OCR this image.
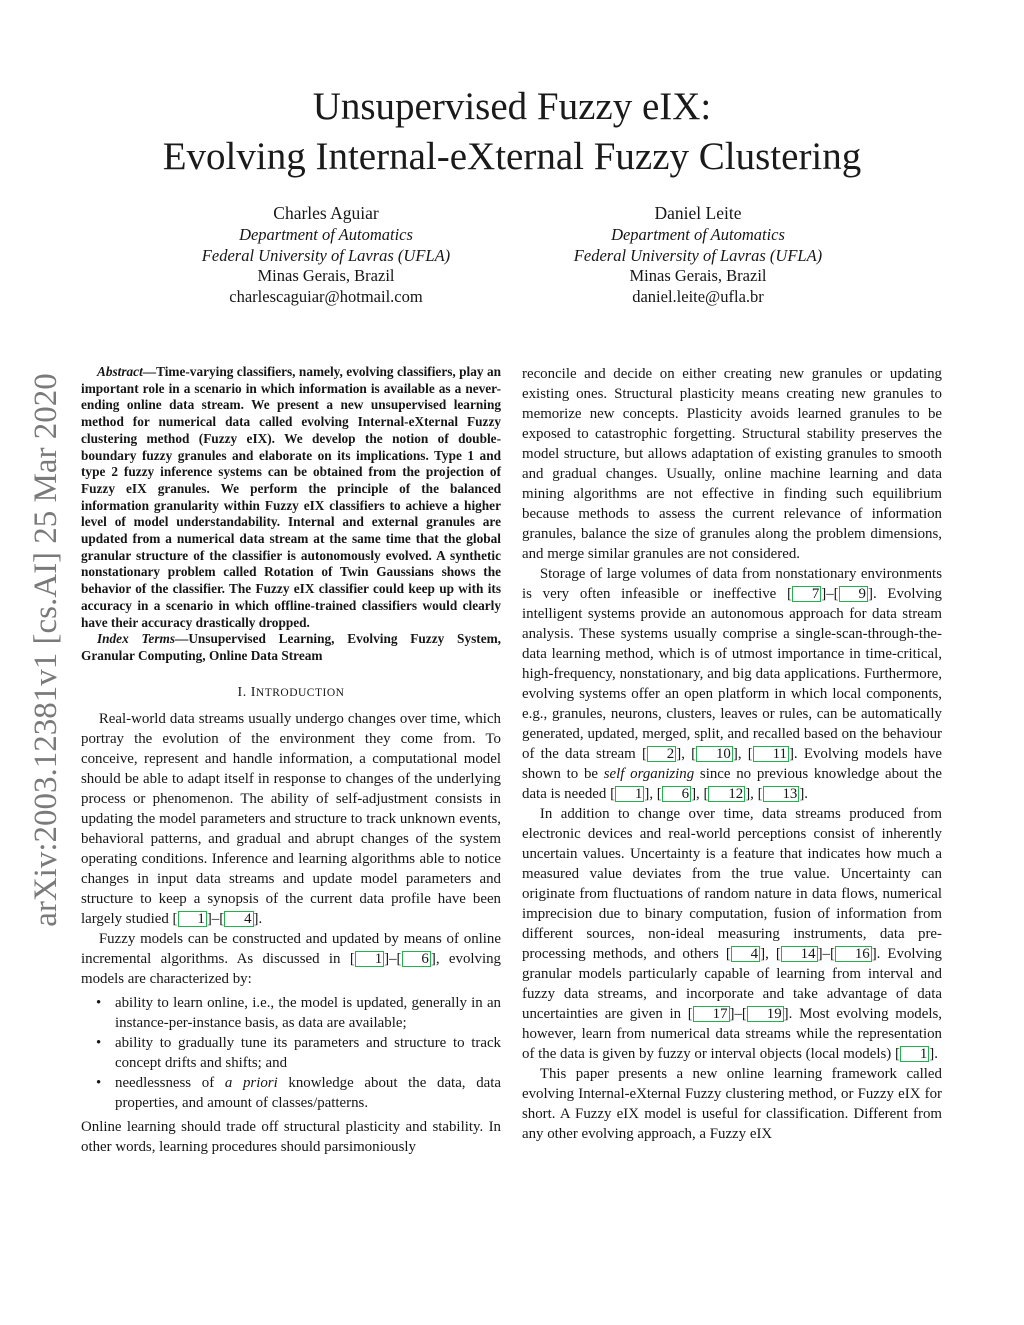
Unsupervised Fuzzy eIX:
Evolving Internal-eXternal Fuzzy Clustering
Charles Aguiar
Department of Automatics
Federal University of Lavras (UFLA)
Minas Gerais, Brazil
charlescaguiar@hotmail.com
Daniel Leite
Department of Automatics
Federal University of Lavras (UFLA)
Minas Gerais, Brazil
daniel.leite@ufla.br
arXiv:2003.12381v1 [cs.AI] 25 Mar 2020

Abstract—Time-varying classifiers, namely, evolving classifiers, play an important role in a scenario in which information is available as a never-ending online data stream. We present a new unsupervised learning method for numerical data called evolving Internal-eXternal Fuzzy clustering method (Fuzzy eIX). We develop the notion of double-boundary fuzzy granules and elaborate on its implications. Type 1 and type 2 fuzzy inference systems can be obtained from the projection of Fuzzy eIX granules. We perform the principle of the balanced information granularity within Fuzzy eIX classifiers to achieve a higher level of model understandability. Internal and external granules are updated from a numerical data stream at the same time that the global granular structure of the classifier is autonomously evolved. A synthetic nonstationary problem called Rotation of Twin Gaussians shows the behavior of the classifier. The Fuzzy eIX classifier could keep up with its accuracy in a scenario in which offline-trained classifiers would clearly have their accuracy drastically dropped.

Index Terms—Unsupervised Learning, Evolving Fuzzy System, Granular Computing, Online Data Stream

I. INTRODUCTION

Real-world data streams usually undergo changes over time, which portray the evolution of the environment they come from. To conceive, represent and handle information, a computational model should be able to adapt itself in response to changes of the underlying process or phenomenon. The ability of self-adjustment consists in updating the model parameters and structure to track unknown events, behavioral patterns, and gradual and abrupt changes of the system operating conditions. Inference and learning algorithms able to notice changes in input data streams and update model parameters and structure to keep a synopsis of the current data profile have been largely studied [ 1 ]–[ 4 ].

Fuzzy models can be constructed and updated by means of online incremental algorithms. As discussed in [ 1 ]–[ 6 ], evolving models are characterized by:

• ability to learn online, i.e., the model is updated, generally in an instance-per-instance basis, as data are available;
• ability to gradually tune its parameters and structure to track concept drifts and shifts; and
• needlessness of a priori knowledge about the data, data properties, and amount of classes/patterns.

Online learning should trade off structural plasticity and stability. In other words, learning procedures should parsimoniously

reconcile and decide on either creating new granules or updating existing ones. Structural plasticity means creating new granules to memorize new concepts. Plasticity avoids learned granules to be exposed to catastrophic forgetting. Structural stability preserves the model structure, but allows adaptation of existing granules to smooth and gradual changes. Usually, online machine learning and data mining algorithms are not effective in finding such equilibrium because methods to assess the current relevance of information granules, balance the size of granules along the problem dimensions, and merge similar granules are not considered.

Storage of large volumes of data from nonstationary environments is very often infeasible or ineffective [ 7 ]–[ 9 ]. Evolving intelligent systems provide an autonomous approach for data stream analysis. These systems usually comprise a single-scan-through-the-data learning method, which is of utmost importance in time-critical, high-frequency, nonstationary, and big data applications. Furthermore, evolving systems offer an open platform in which local components, e.g., granules, neurons, clusters, leaves or rules, can be automatically generated, updated, merged, split, and recalled based on the behaviour of the data stream [ 2 ], [ 10 ], [ 11 ]. Evolving models have shown to be self organizing since no previous knowledge about the data is needed [ 1 ], [ 6 ], [ 12 ], [ 13 ].

In addition to change over time, data streams produced from electronic devices and real-world perceptions consist of inherently uncertain values. Uncertainty is a feature that indicates how much a measured value deviates from the true value. Uncertainty can originate from fluctuations of random nature in data flows, numerical imprecision due to binary computation, fusion of information from different sources, non-ideal measuring instruments, data pre-processing methods, and others [ 4 ], [ 14 ]–[ 16 ]. Evolving granular models particularly capable of learning from interval and fuzzy data streams, and incorporate and take advantage of data uncertainties are given in [ 17 ]–[ 19 ]. Most evolving models, however, learn from numerical data streams while the representation of the data is given by fuzzy or interval objects (local models) [ 1 ].

This paper presents a new online learning framework called evolving Internal-eXternal Fuzzy clustering method, or Fuzzy eIX for short. A Fuzzy eIX model is useful for classification. Different from any other evolving approach, a Fuzzy eIX
